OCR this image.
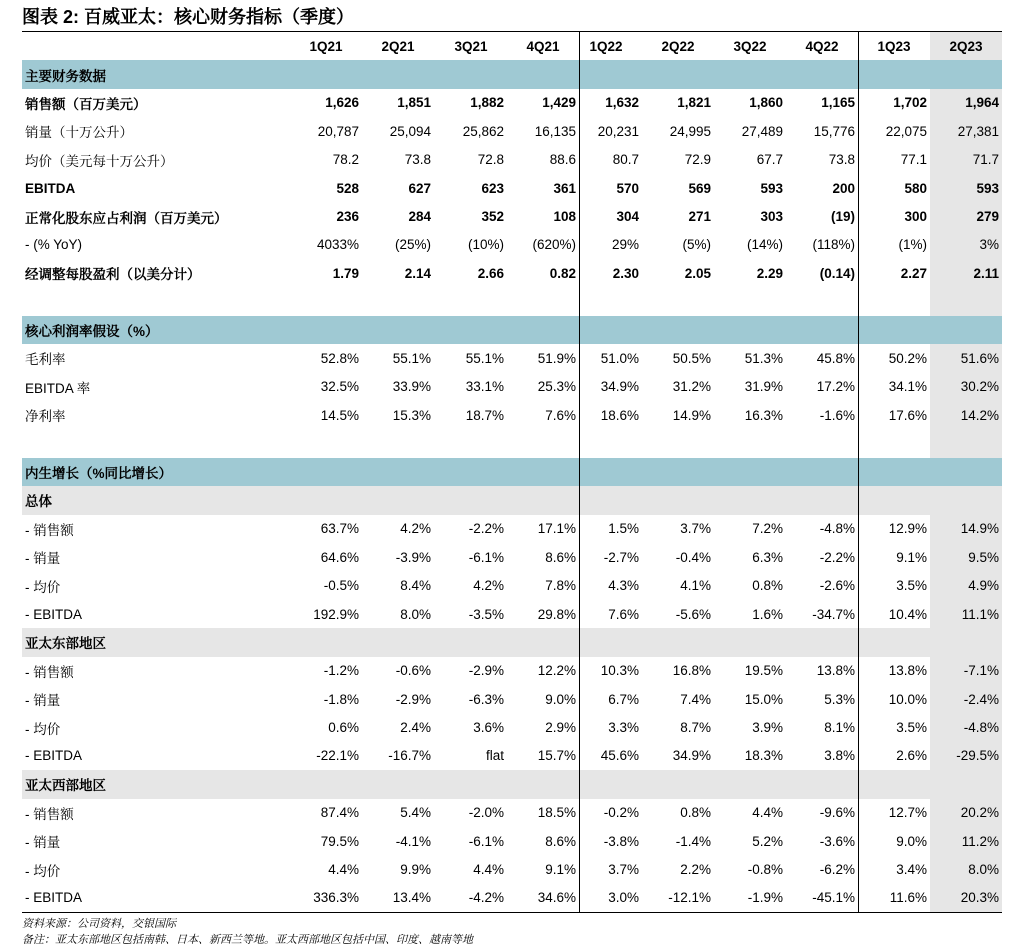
图表 2: 百威亚太：核心财务指标（季度）
1Q21	2Q21	3Q21	4Q21	1Q22	2Q22	3Q22	4Q22	1Q23	2Q23
主要财务数据
销售额（百万美元）	1,626	1,851	1,882	1,429	1,632	1,821	1,860	1,165	1,702	1,964
销量（十万公升）	20,787	25,094	25,862	16,135	20,231	24,995	27,489	15,776	22,075	27,381
均价（美元每十万公升）	78.2	73.8	72.8	88.6	80.7	72.9	67.7	73.8	77.1	71.7
EBITDA	528	627	623	361	570	569	593	200	580	593
正常化股东应占利润（百万美元）	236	284	352	108	304	271	303	(19)	300	279
- (% YoY)	4033%	(25%)	(10%)	(620%)	29%	(5%)	(14%)	(118%)	(1%)	3%
经调整每股盈利（以美分计）	1.79	2.14	2.66	0.82	2.30	2.05	2.29	(0.14)	2.27	2.11
核心利润率假设（%）
毛利率	52.8%	55.1%	55.1%	51.9%	51.0%	50.5%	51.3%	45.8%	50.2%	51.6%
EBITDA 率	32.5%	33.9%	33.1%	25.3%	34.9%	31.2%	31.9%	17.2%	34.1%	30.2%
净利率	14.5%	15.3%	18.7%	7.6%	18.6%	14.9%	16.3%	-1.6%	17.6%	14.2%
内生增长（%同比增长）
总体
- 销售额	63.7%	4.2%	-2.2%	17.1%	1.5%	3.7%	7.2%	-4.8%	12.9%	14.9%
- 销量	64.6%	-3.9%	-6.1%	8.6%	-2.7%	-0.4%	6.3%	-2.2%	9.1%	9.5%
- 均价	-0.5%	8.4%	4.2%	7.8%	4.3%	4.1%	0.8%	-2.6%	3.5%	4.9%
- EBITDA	192.9%	8.0%	-3.5%	29.8%	7.6%	-5.6%	1.6%	-34.7%	10.4%	11.1%
亚太东部地区
- 销售额	-1.2%	-0.6%	-2.9%	12.2%	10.3%	16.8%	19.5%	13.8%	13.8%	-7.1%
- 销量	-1.8%	-2.9%	-6.3%	9.0%	6.7%	7.4%	15.0%	5.3%	10.0%	-2.4%
- 均价	0.6%	2.4%	3.6%	2.9%	3.3%	8.7%	3.9%	8.1%	3.5%	-4.8%
- EBITDA	-22.1%	-16.7%	flat	15.7%	45.6%	34.9%	18.3%	3.8%	2.6%	-29.5%
亚太西部地区
- 销售额	87.4%	5.4%	-2.0%	18.5%	-0.2%	0.8%	4.4%	-9.6%	12.7%	20.2%
- 销量	79.5%	-4.1%	-6.1%	8.6%	-3.8%	-1.4%	5.2%	-3.6%	9.0%	11.2%
- 均价	4.4%	9.9%	4.4%	9.1%	3.7%	2.2%	-0.8%	-6.2%	3.4%	8.0%
- EBITDA	336.3%	13.4%	-4.2%	34.6%	3.0%	-12.1%	-1.9%	-45.1%	11.6%	20.3%
资料来源：公司资料，交银国际
备注：亚太东部地区包括南韩、日本、新西兰等地。亚太西部地区包括中国、印度、越南等地
